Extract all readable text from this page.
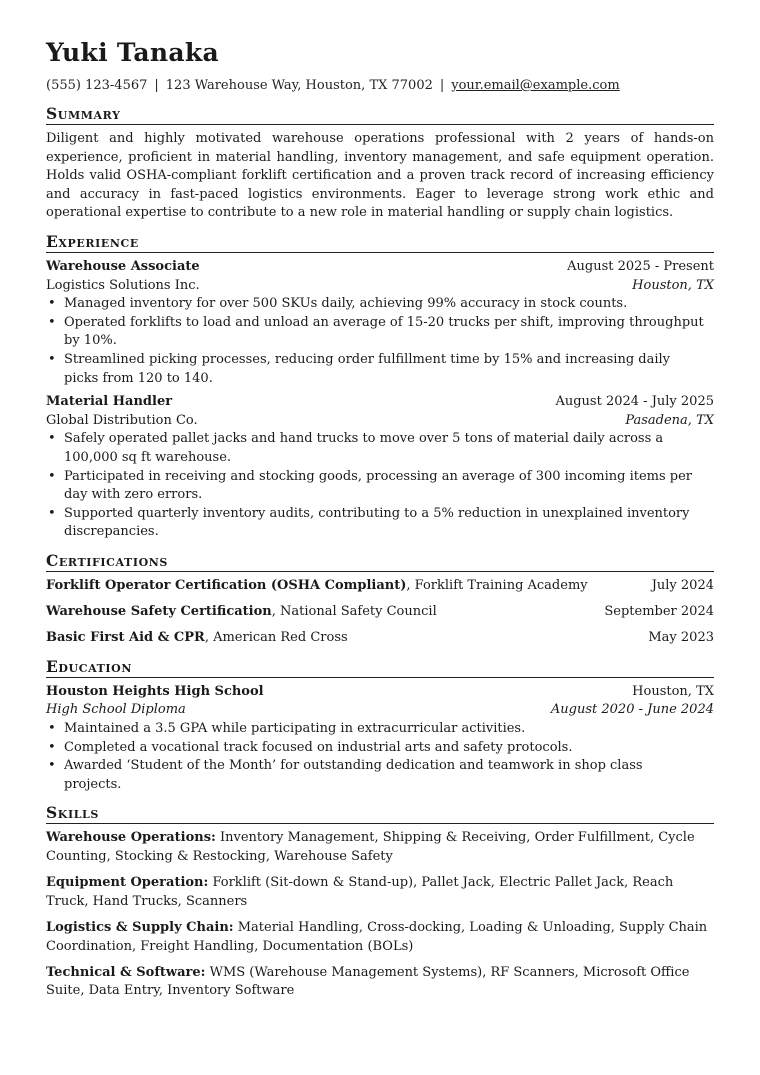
Yuki Tanaka
(555) 123-4567 | 123 Warehouse Way, Houston, TX 77002 | your.email@example.com
Summary
Diligent and highly motivated warehouse operations professional with 2 years of hands-on experience, proficient in material handling, inventory management, and safe equipment operation. Holds valid OSHA-compliant forklift certification and a proven track record of increasing efficiency and accuracy in fast-paced logistics environments. Eager to leverage strong work ethic and operational expertise to contribute to a new role in material handling or supply chain logistics.
Experience
Warehouse Associate	August 2025 - Present
Logistics Solutions Inc.	Houston, TX
• Managed inventory for over 500 SKUs daily, achieving 99% accuracy in stock counts.
• Operated forklifts to load and unload an average of 15-20 trucks per shift, improving throughput by 10%.
• Streamlined picking processes, reducing order fulfillment time by 15% and increasing daily picks from 120 to 140.
Material Handler	August 2024 - July 2025
Global Distribution Co.	Pasadena, TX
• Safely operated pallet jacks and hand trucks to move over 5 tons of material daily across a 100,000 sq ft warehouse.
• Participated in receiving and stocking goods, processing an average of 300 incoming items per day with zero errors.
• Supported quarterly inventory audits, contributing to a 5% reduction in unexplained inventory discrepancies.
Certifications
Forklift Operator Certification (OSHA Compliant), Forklift Training Academy	July 2024
Warehouse Safety Certification, National Safety Council	September 2024
Basic First Aid & CPR, American Red Cross	May 2023
Education
Houston Heights High School	Houston, TX
High School Diploma	August 2020 - June 2024
• Maintained a 3.5 GPA while participating in extracurricular activities.
• Completed a vocational track focused on industrial arts and safety protocols.
• Awarded ‘Student of the Month’ for outstanding dedication and teamwork in shop class projects.
Skills
Warehouse Operations: Inventory Management, Shipping & Receiving, Order Fulfillment, Cycle Counting, Stocking & Restocking, Warehouse Safety
Equipment Operation: Forklift (Sit-down & Stand-up), Pallet Jack, Electric Pallet Jack, Reach Truck, Hand Trucks, Scanners
Logistics & Supply Chain: Material Handling, Cross-docking, Loading & Unloading, Supply Chain Coordination, Freight Handling, Documentation (BOLs)
Technical & Software: WMS (Warehouse Management Systems), RF Scanners, Microsoft Office Suite, Data Entry, Inventory Software
